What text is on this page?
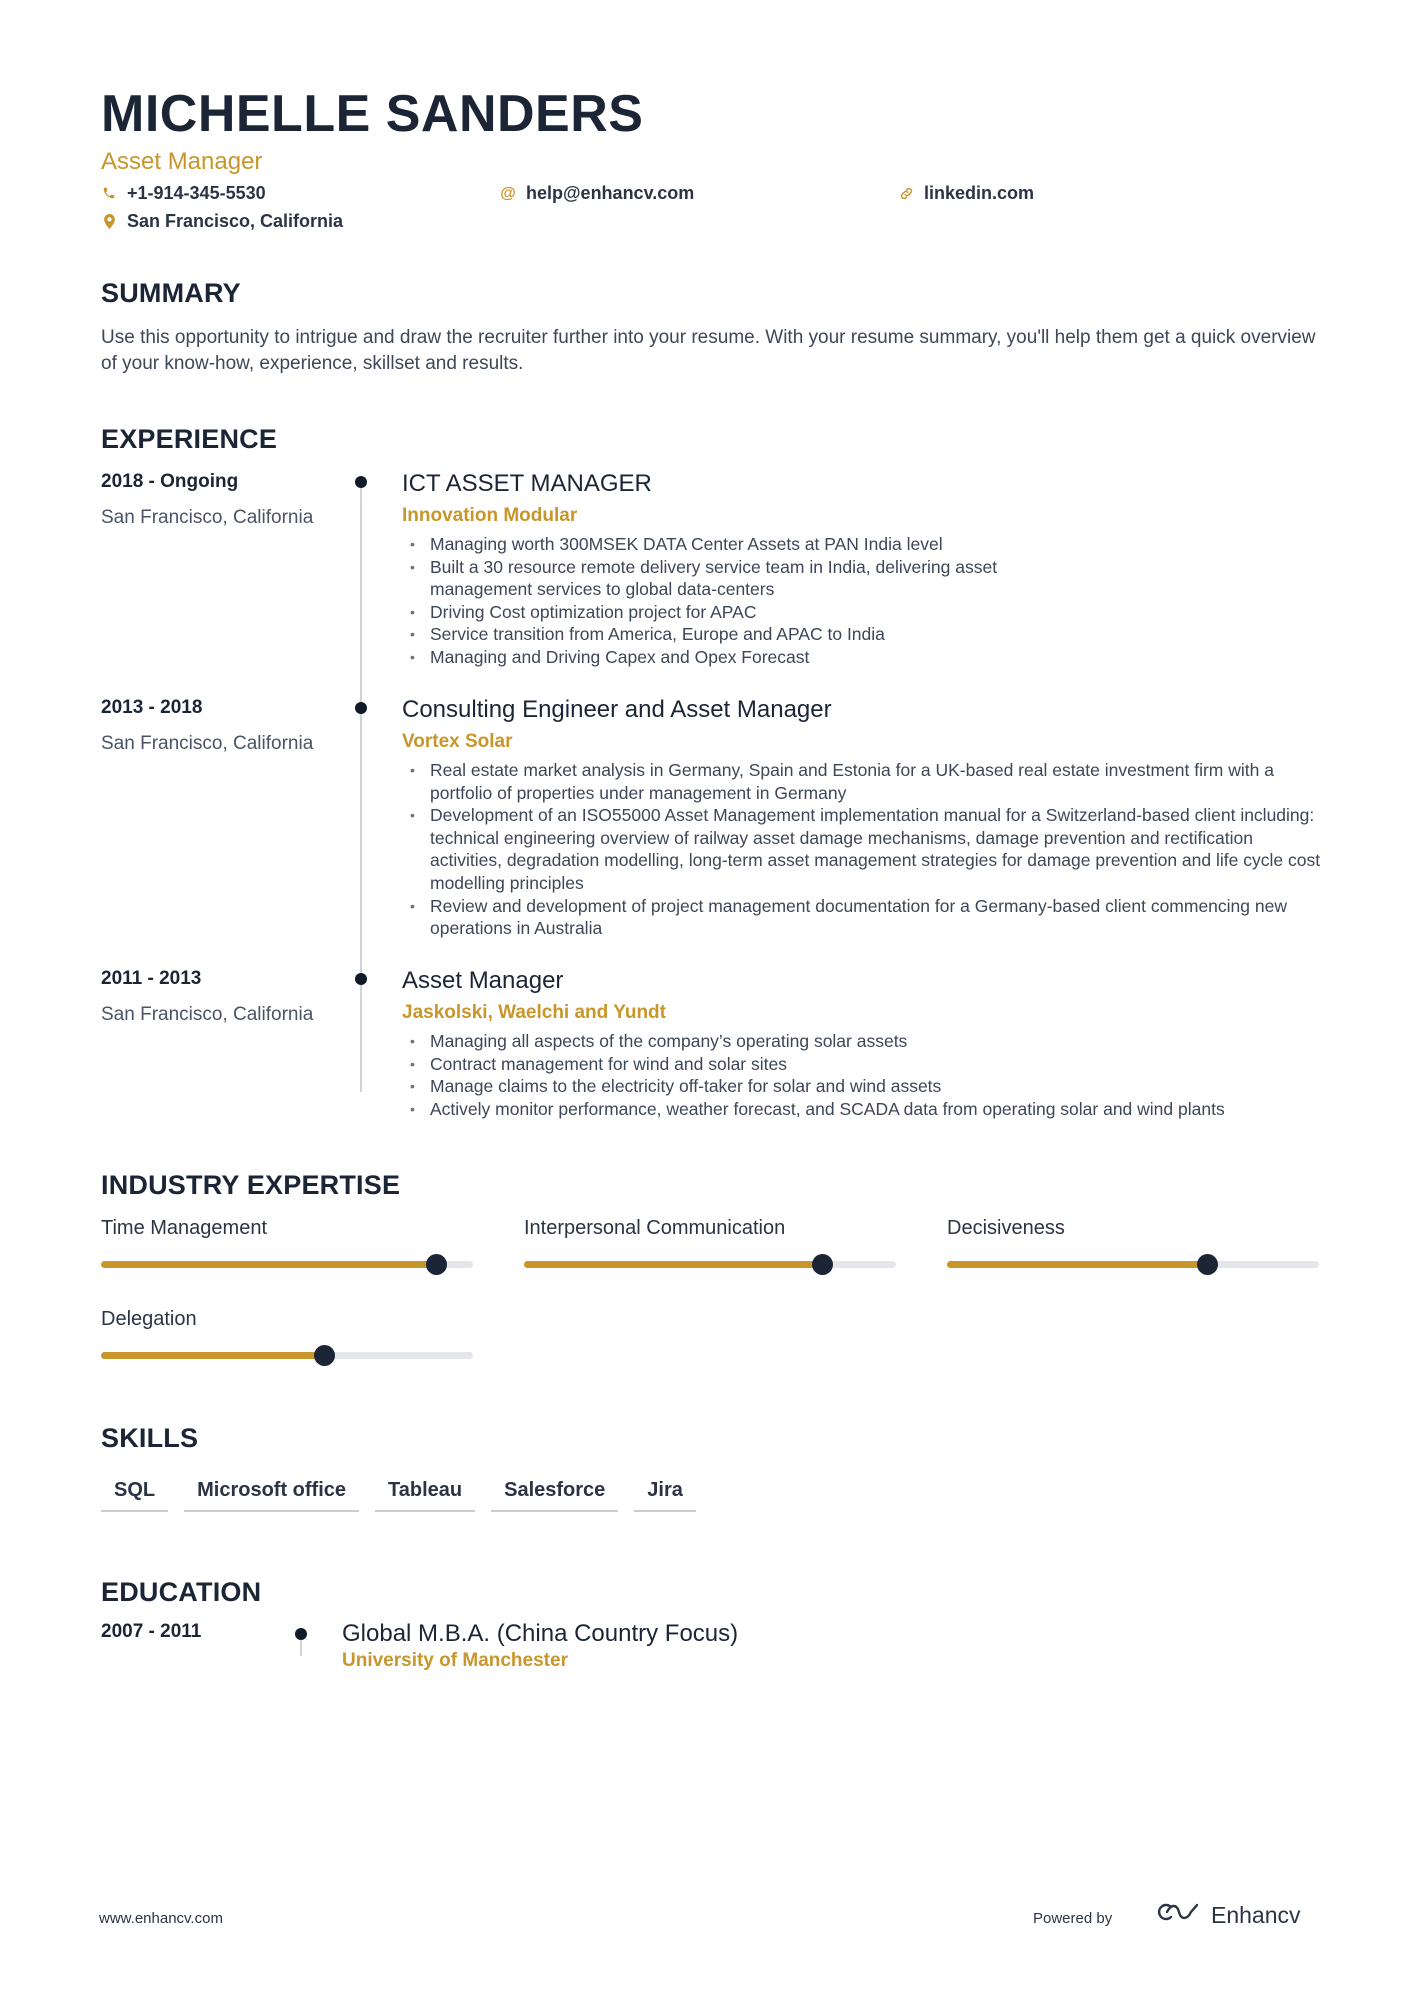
MICHELLE SANDERS
Asset Manager
+1-914-345-5530	@ help@enhancv.com	linkedin.com
San Francisco, California
SUMMARY
Use this opportunity to intrigue and draw the recruiter further into your resume. With your resume summary, you'll help them get a quick overview of your know-how, experience, skillset and results.
EXPERIENCE
2018 - Ongoing
San Francisco, California
ICT ASSET MANAGER
Innovation Modular
• Managing worth 300MSEK DATA Center Assets at PAN India level
• Built a 30 resource remote delivery service team in India, delivering asset management services to global data-centers
• Driving Cost optimization project for APAC
• Service transition from America, Europe and APAC to India
• Managing and Driving Capex and Opex Forecast
2013 - 2018
San Francisco, California
Consulting Engineer and Asset Manager
Vortex Solar
• Real estate market analysis in Germany, Spain and Estonia for a UK-based real estate investment firm with a portfolio of properties under management in Germany
• Development of an ISO55000 Asset Management implementation manual for a Switzerland-based client including: technical engineering overview of railway asset damage mechanisms, damage prevention and rectification activities, degradation modelling, long-term asset management strategies for damage prevention and life cycle cost modelling principles
• Review and development of project management documentation for a Germany-based client commencing new operations in Australia
2011 - 2013
San Francisco, California
Asset Manager
Jaskolski, Waelchi and Yundt
• Managing all aspects of the company’s operating solar assets
• Contract management for wind and solar sites
• Manage claims to the electricity off-taker for solar and wind assets
• Actively monitor performance, weather forecast, and SCADA data from operating solar and wind plants
INDUSTRY EXPERTISE
Time Management	Interpersonal Communication	Decisiveness
Delegation
SKILLS
SQL	Microsoft office	Tableau	Salesforce	Jira
EDUCATION
2007 - 2011	Global M.B.A. (China Country Focus)
University of Manchester
www.enhancv.com	Powered by	Enhancv
